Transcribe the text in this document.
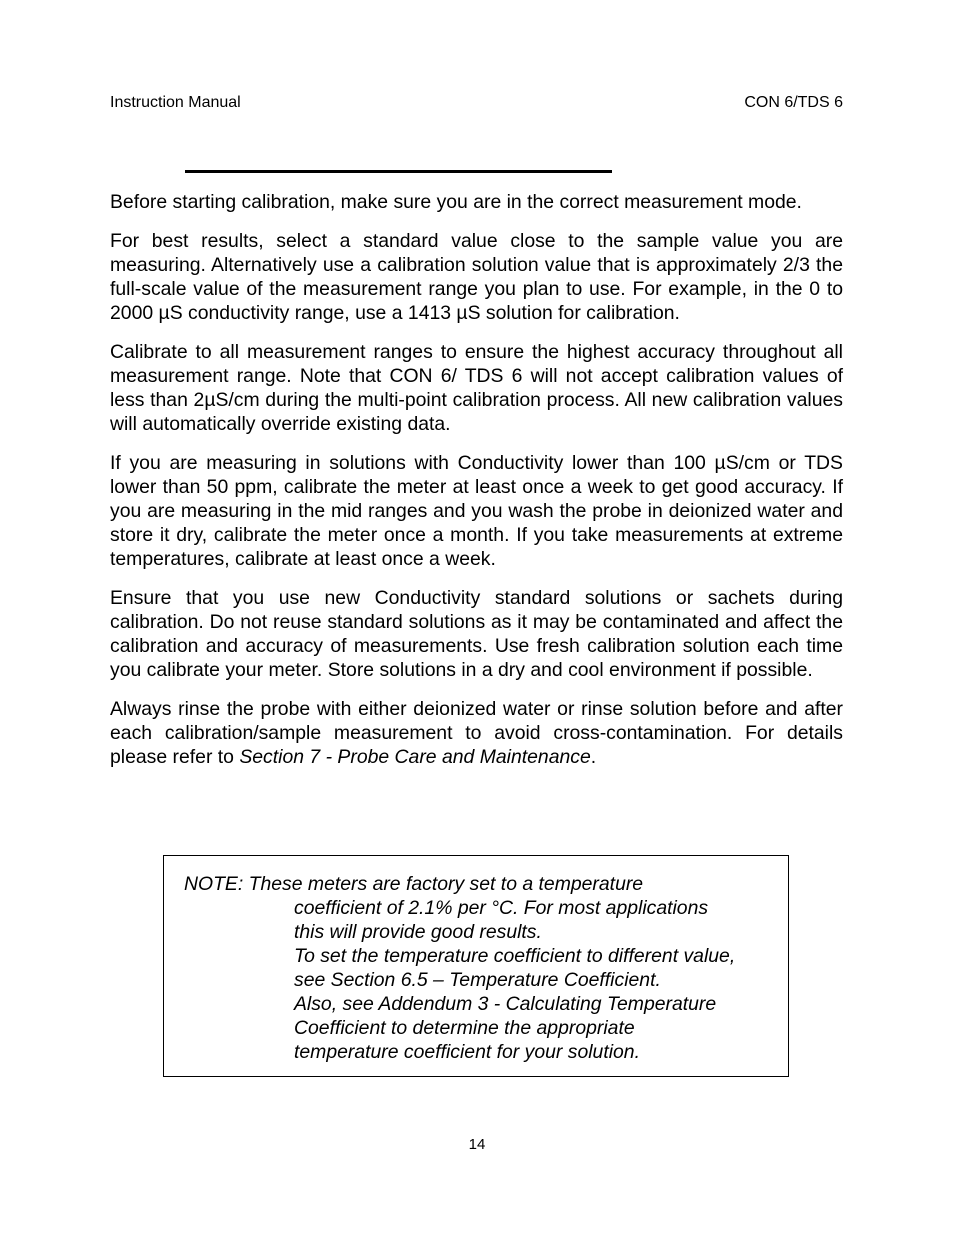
Instruction Manual	CON 6/TDS 6

Before starting calibration, make sure you are in the correct measurement mode.

For best results, select a standard value close to the sample value you are measuring. Alternatively use a calibration solution value that is approximately 2/3 the full-scale value of the measurement range you plan to use. For example, in the 0 to 2000 µS conductivity range, use a 1413 µS solution for calibration.

Calibrate to all measurement ranges to ensure the highest accuracy throughout all measurement range. Note that CON 6/ TDS 6 will not accept calibration values of less than 2µS/cm during the multi-point calibration process. All new calibration values will automatically override existing data.

If you are measuring in solutions with Conductivity lower than 100 µS/cm or TDS lower than 50 ppm, calibrate the meter at least once a week to get good accuracy. If you are measuring in the mid ranges and you wash the probe in deionized water and store it dry, calibrate the meter once a month. If you take measurements at extreme temperatures, calibrate at least once a week.

Ensure that you use new Conductivity standard solutions or sachets during calibration. Do not reuse standard solutions as it may be contaminated and affect the calibration and accuracy of measurements. Use fresh calibration solution each time you calibrate your meter. Store solutions in a dry and cool environment if possible.

Always rinse the probe with either deionized water or rinse solution before and after each calibration/sample measurement to avoid cross-contamination. For details please refer to Section 7 - Probe Care and Maintenance.

NOTE: These meters are factory set to a temperature
coefficient of 2.1% per °C. For most applications
this will provide good results.
To set the temperature coefficient to different value,
see Section 6.5 – Temperature Coefficient.
Also, see Addendum 3 - Calculating Temperature
Coefficient to determine the appropriate
temperature coefficient for your solution.
14
